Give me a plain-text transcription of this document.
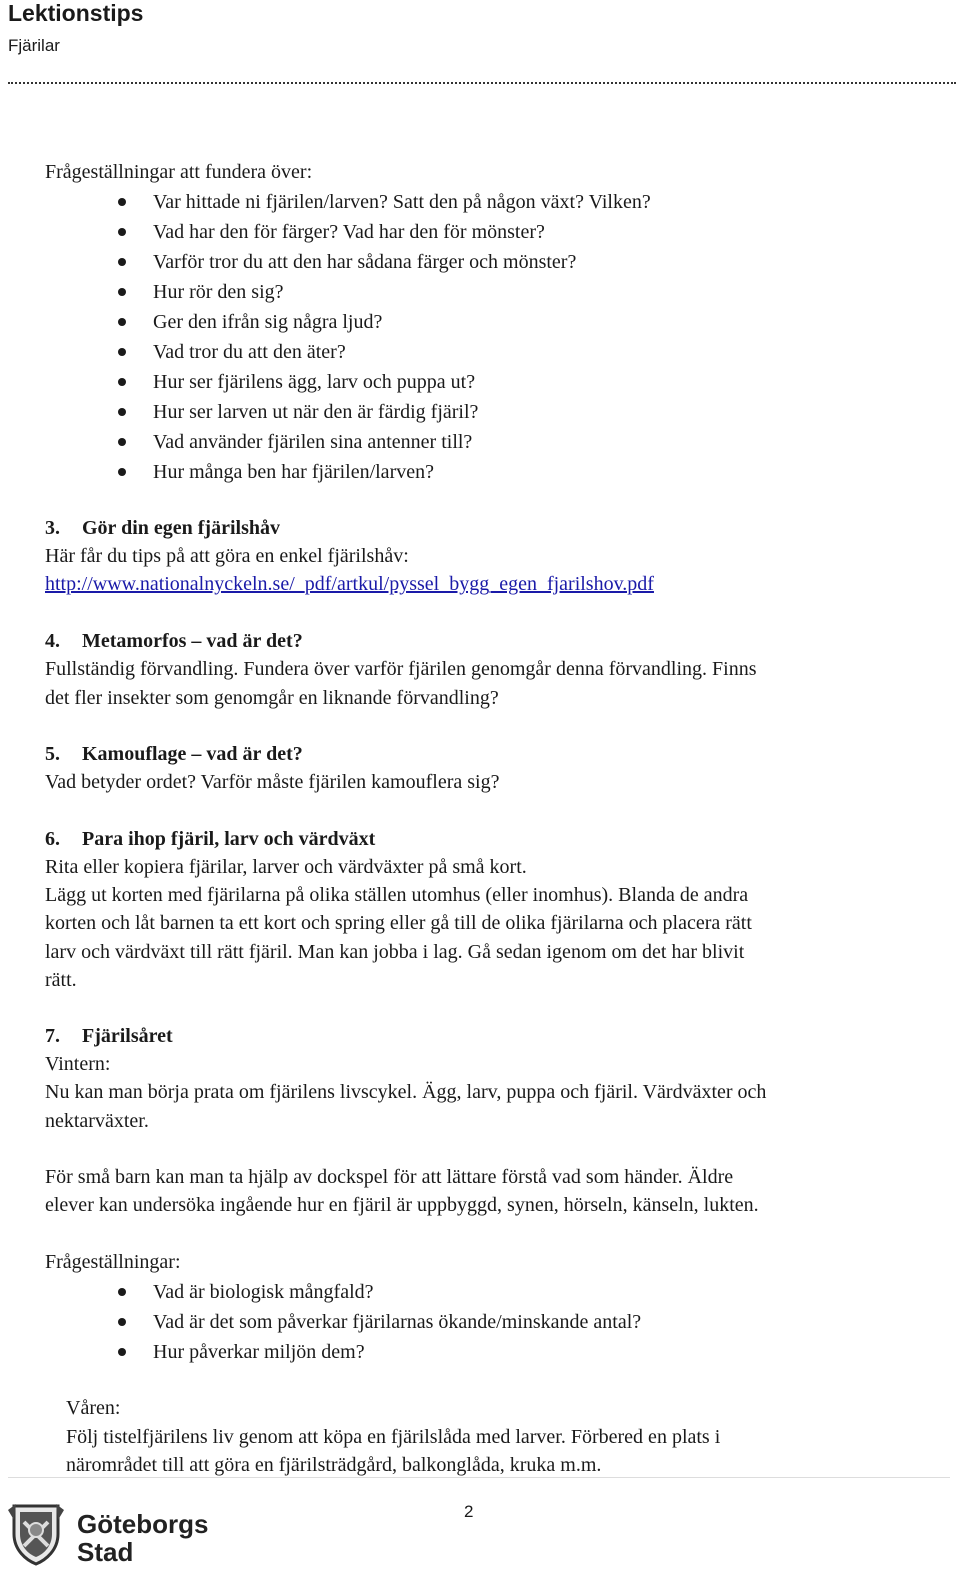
Lektionstips
Fjärilar
Frågeställningar att fundera över:
Var hittade ni fjärilen/larven? Satt den på någon växt? Vilken?
Vad har den för färger? Vad har den för mönster?
Varför tror du att den har sådana färger och mönster?
Hur rör den sig?
Ger den ifrån sig några ljud?
Vad tror du att den äter?
Hur ser fjärilens ägg, larv och puppa ut?
Hur ser larven ut när den är färdig fjäril?
Vad använder fjärilen sina antenner till?
Hur många ben har fjärilen/larven?
3. Gör din egen fjärilshåv
Här får du tips på att göra en enkel fjärilshåv:
http://www.nationalnyckeln.se/_pdf/artkul/pyssel_bygg_egen_fjarilshov.pdf
4. Metamorfos – vad är det?
Fullständig förvandling. Fundera över varför fjärilen genomgår denna förvandling. Finns
det fler insekter som genomgår en liknande förvandling?
5. Kamouflage – vad är det?
Vad betyder ordet? Varför måste fjärilen kamouflera sig?
6. Para ihop fjäril, larv och värdväxt
Rita eller kopiera fjärilar, larver och värdväxter på små kort.
Lägg ut korten med fjärilarna på olika ställen utomhus (eller inomhus). Blanda de andra
korten och låt barnen ta ett kort och spring eller gå till de olika fjärilarna och placera rätt
larv och värdväxt till rätt fjäril. Man kan jobba i lag. Gå sedan igenom om det har blivit
rätt.
7. Fjärilsåret
Vintern:
Nu kan man börja prata om fjärilens livscykel. Ägg, larv, puppa och fjäril. Värdväxter och
nektarväxter.
För små barn kan man ta hjälp av dockspel för att lättare förstå vad som händer. Äldre
elever kan undersöka ingående hur en fjäril är uppbyggd, synen, hörseln, känseln, lukten.
Frågeställningar:
Vad är biologisk mångfald?
Vad är det som påverkar fjärilarnas ökande/minskande antal?
Hur påverkar miljön dem?
Våren:
Följ tistelfjärilens liv genom att köpa en fjärilslåda med larver. Förbered en plats i
närområdet till att göra en fjärilsträdgård, balkonglåda, kruka m.m.
2
Göteborgs
Stad
